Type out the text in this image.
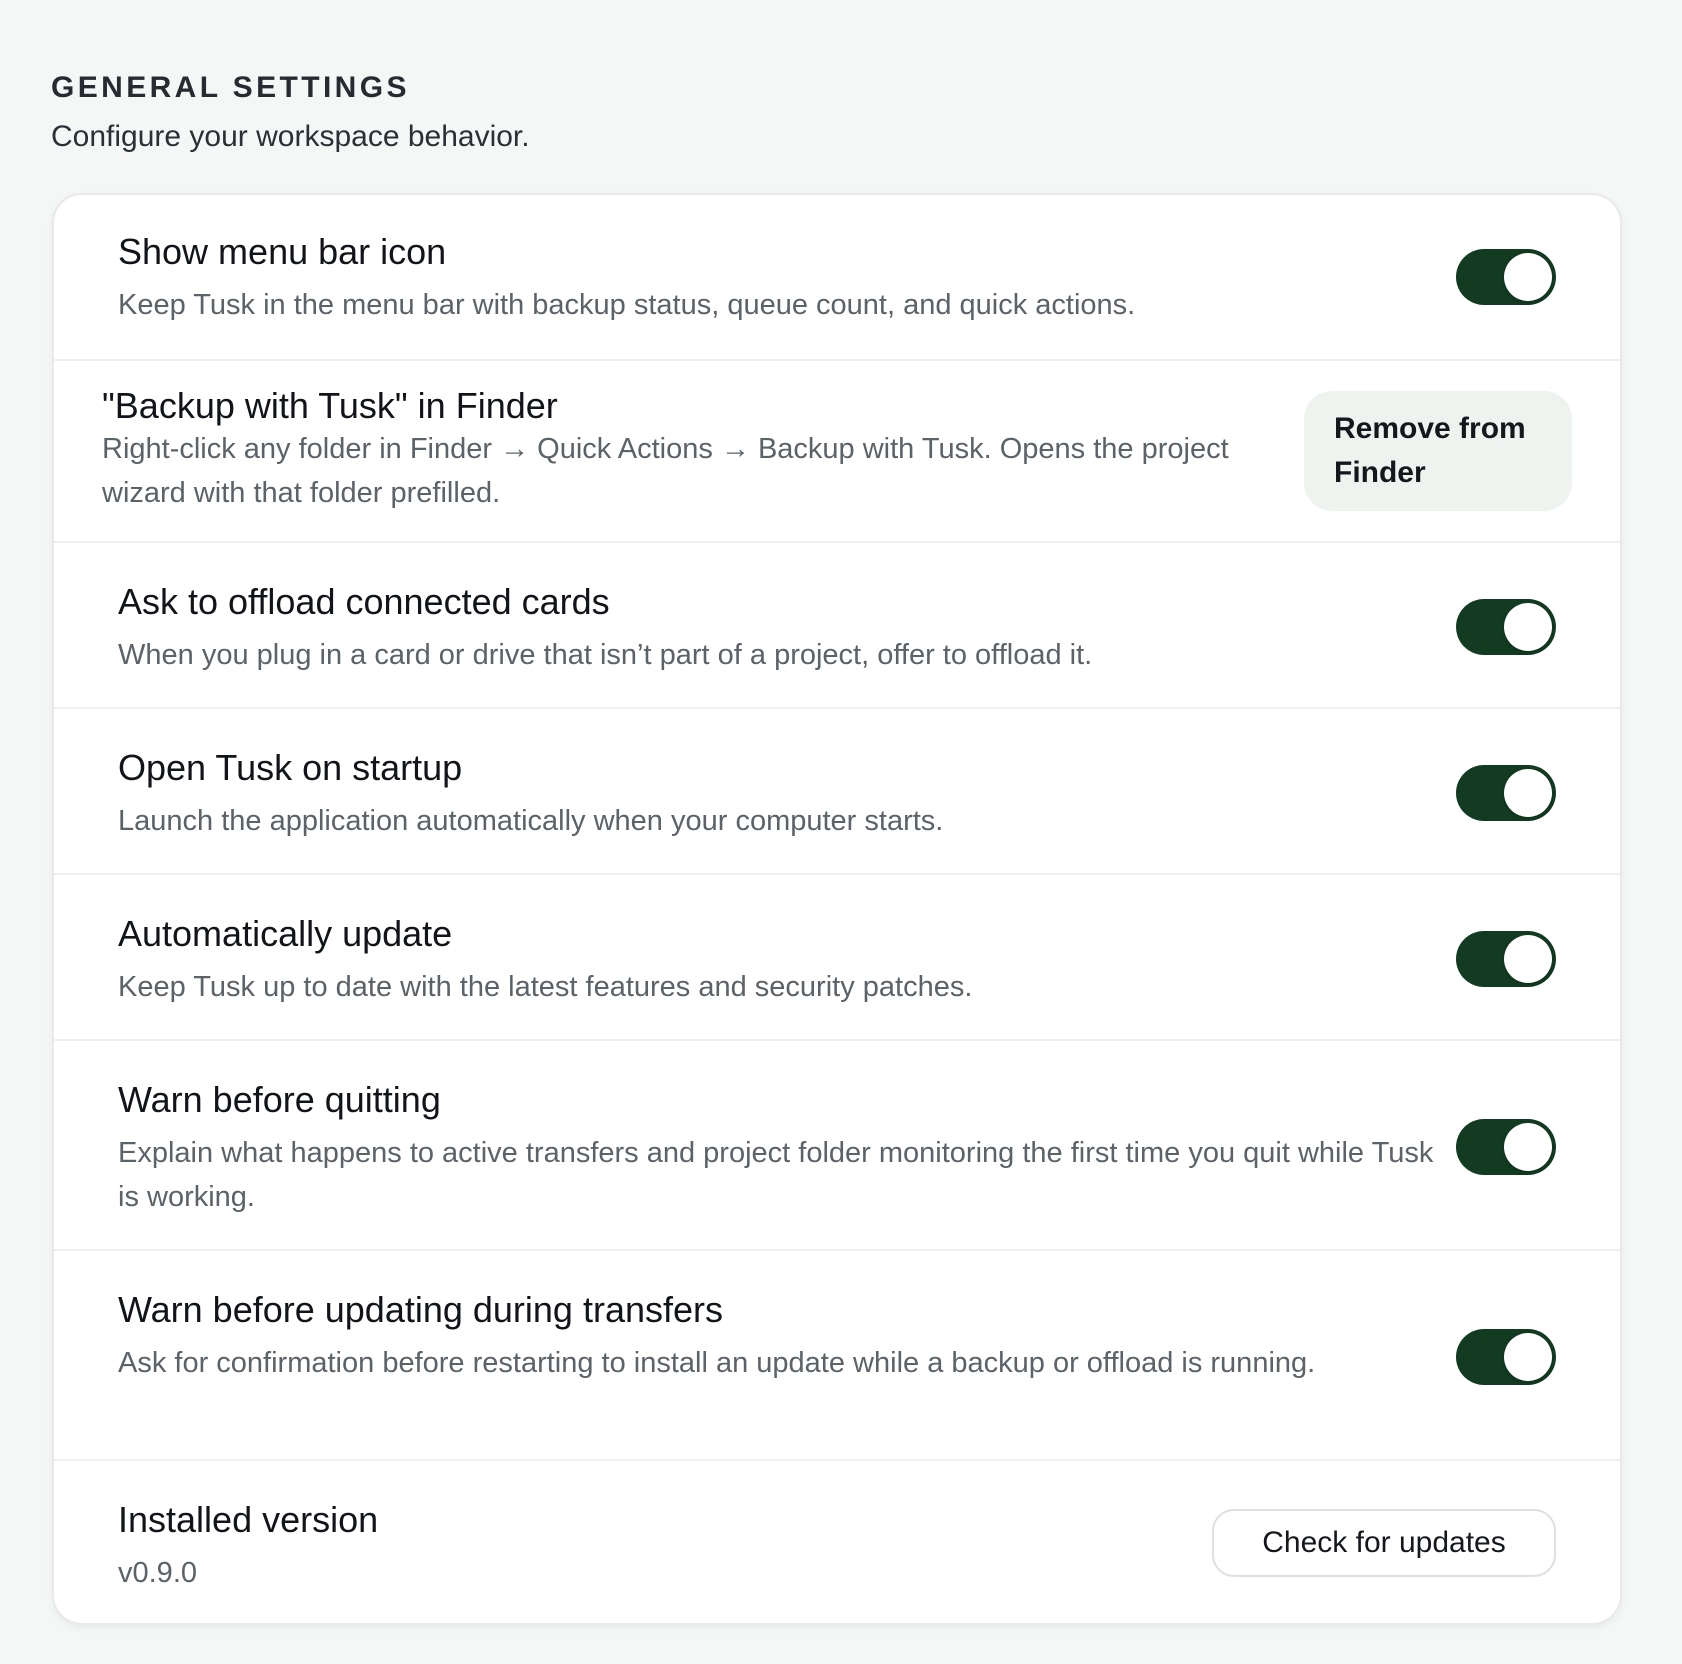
GENERAL SETTINGS

Configure your workspace behavior.

Show menu bar icon
Keep Tusk in the menu bar with backup status, queue count, and quick actions.
"Backup with Tusk" in Finder
Right-click any folder in Finder → Quick Actions → Backup with Tusk. Opens the project wizard with that folder prefilled.
Remove from Finder
Ask to offload connected cards
When you plug in a card or drive that isn’t part of a project, offer to offload it.
Open Tusk on startup
Launch the application automatically when your computer starts.
Automatically update
Keep Tusk up to date with the latest features and security patches.
Warn before quitting
Explain what happens to active transfers and project folder monitoring the first time you quit while Tusk is working.
Warn before updating during transfers
Ask for confirmation before restarting to install an update while a backup or offload is running.
Installed version
v0.9.0
Check for updates
